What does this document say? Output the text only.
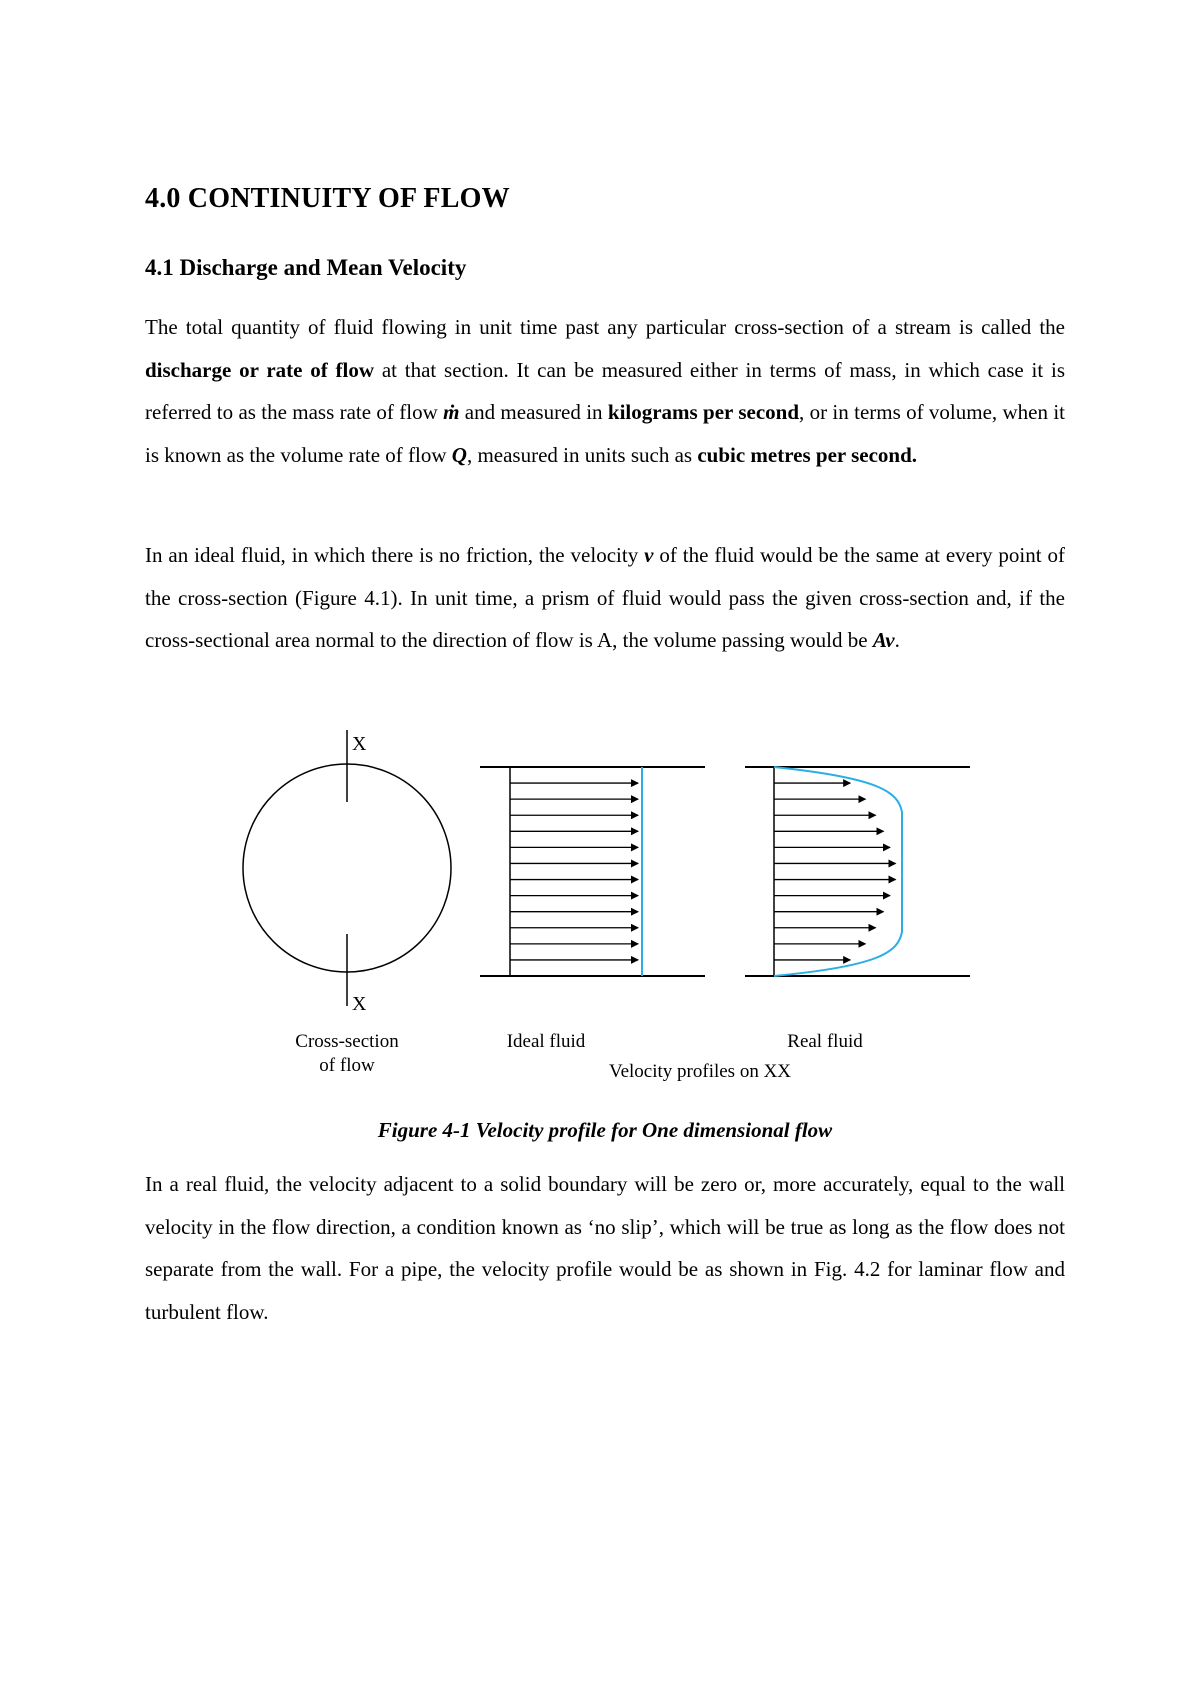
4.0 CONTINUITY OF FLOW
4.1 Discharge and Mean Velocity

The total quantity of fluid flowing in unit time past any particular cross-section of a stream is called the discharge or rate of flow at that section. It can be measured either in terms of mass, in which case it is referred to as the mass rate of flow ṁ and measured in kilograms per second, or in terms of volume, when it is known as the volume rate of flow Q, measured in units such as cubic metres per second.

In an ideal fluid, in which there is no friction, the velocity v of the fluid would be the same at every point of the cross-section (Figure 4.1). In unit time, a prism of fluid would pass the given cross-section and, if the cross-sectional area normal to the direction of flow is A, the volume passing would be Av.

Figure 4-1 Velocity profile for One dimensional flow

In a real fluid, the velocity adjacent to a solid boundary will be zero or, more accurately, equal to the wall velocity in the flow direction, a condition known as ‘no slip’, which will be true as long as the flow does not separate from the wall. For a pipe, the velocity profile would be as shown in Fig. 4.2 for laminar flow and turbulent flow.

X
X
Cross-section
of flow
Ideal fluid	Real fluid
Velocity profiles on XX
